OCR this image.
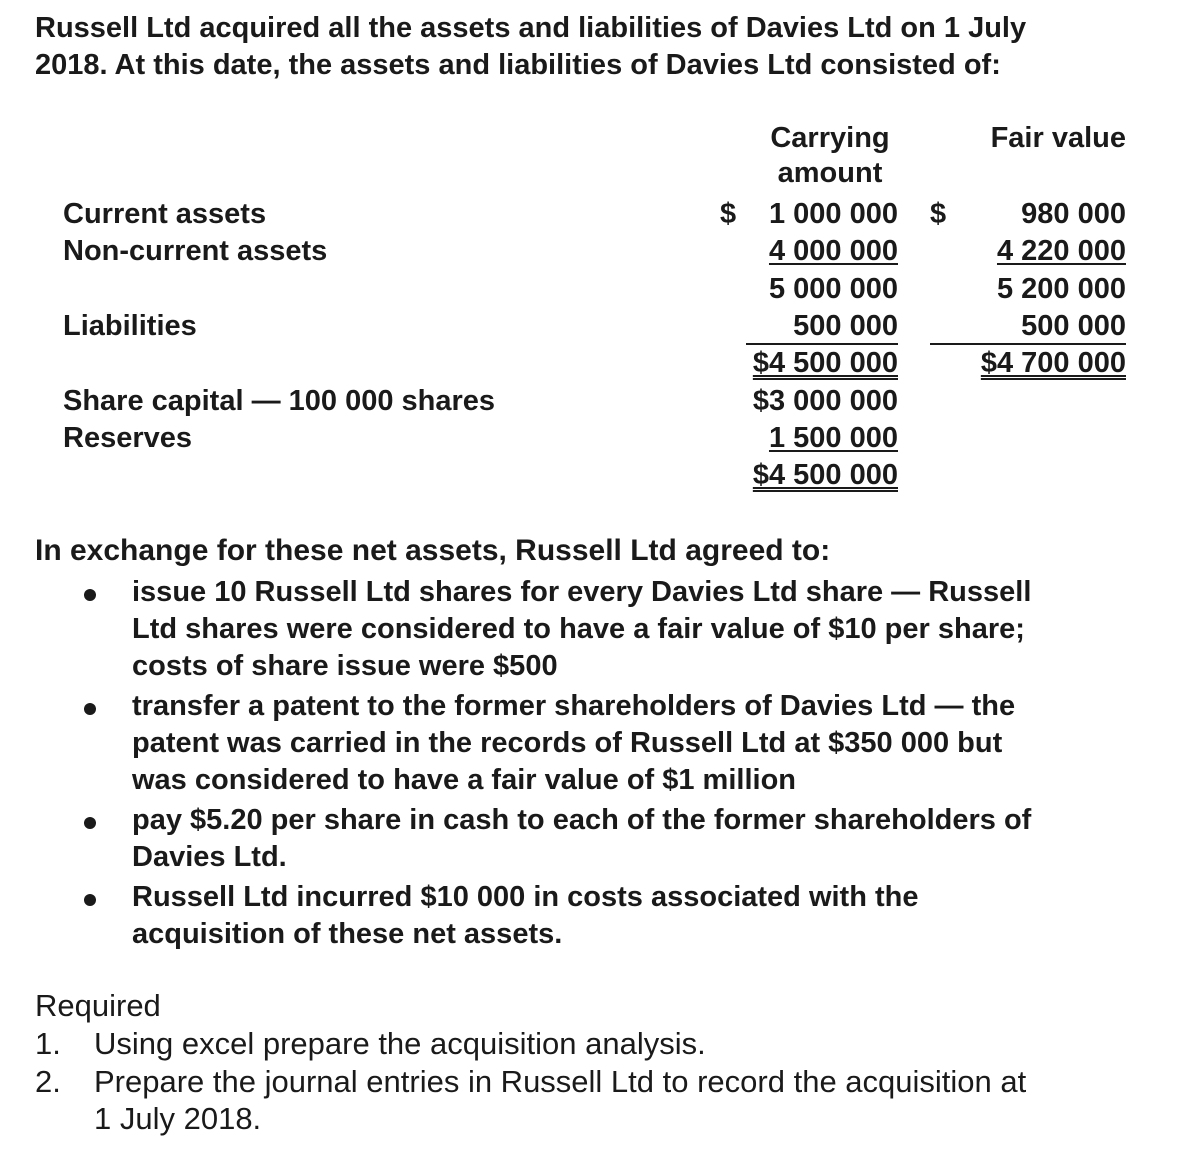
Russell Ltd acquired all the assets and liabilities of Davies Ltd on 1 July
2018. At this date, the assets and liabilities of Davies Ltd consisted of:
Carrying
amount
Fair value
Current assets	$ 1 000 000 $	980 000
Non-current assets	4 000 000	4 220 000
5 000 000	5 200 000
Liabilities	500 000	500 000
$4 500 000	$4 700 000
Share capital — 100 000 shares	$3 000 000
Reserves	1 500 000
$4 500 000
In exchange for these net assets, Russell Ltd agreed to:
issue 10 Russell Ltd shares for every Davies Ltd share — Russell
Ltd shares were considered to have a fair value of $10 per share;
costs of share issue were $500
transfer a patent to the former shareholders of Davies Ltd — the
patent was carried in the records of Russell Ltd at $350 000 but
was considered to have a fair value of $1 million
pay $5.20 per share in cash to each of the former shareholders of
Davies Ltd.
Russell Ltd incurred $10 000 in costs associated with the
acquisition of these net assets.
Required
1. Using excel prepare the acquisition analysis.
2. Prepare the journal entries in Russell Ltd to record the acquisition at
1 July 2018.
